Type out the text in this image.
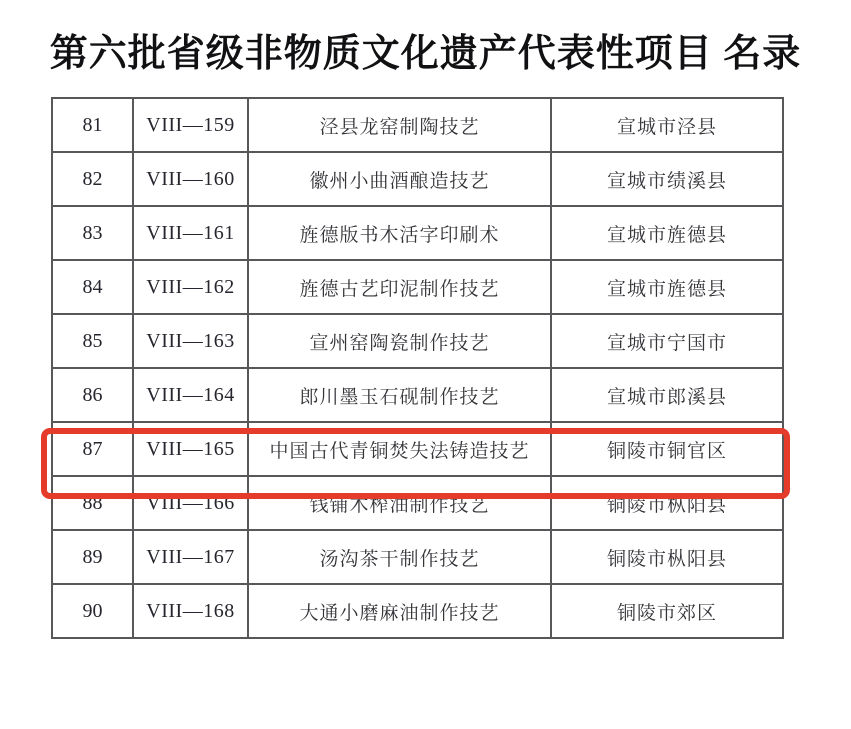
第六批省级非物质文化遗产代表性项目 名录
81	VIII—159	泾县龙窑制陶技艺	宣城市泾县
82	VIII—160	徽州小曲酒酿造技艺	宣城市绩溪县
83	VIII—161	旌德版书木活字印刷术	宣城市旌德县
84	VIII—162	旌德古艺印泥制作技艺	宣城市旌德县
85	VIII—163	宣州窑陶瓷制作技艺	宣城市宁国市
86	VIII—164	郎川墨玉石砚制作技艺	宣城市郎溪县
87	VIII—165	中国古代青铜焚失法铸造技艺	铜陵市铜官区
88	VIII—166	钱铺木榨油制作技艺	铜陵市枞阳县
89	VIII—167	汤沟茶干制作技艺	铜陵市枞阳县
90	VIII—168	大通小磨麻油制作技艺	铜陵市郊区
